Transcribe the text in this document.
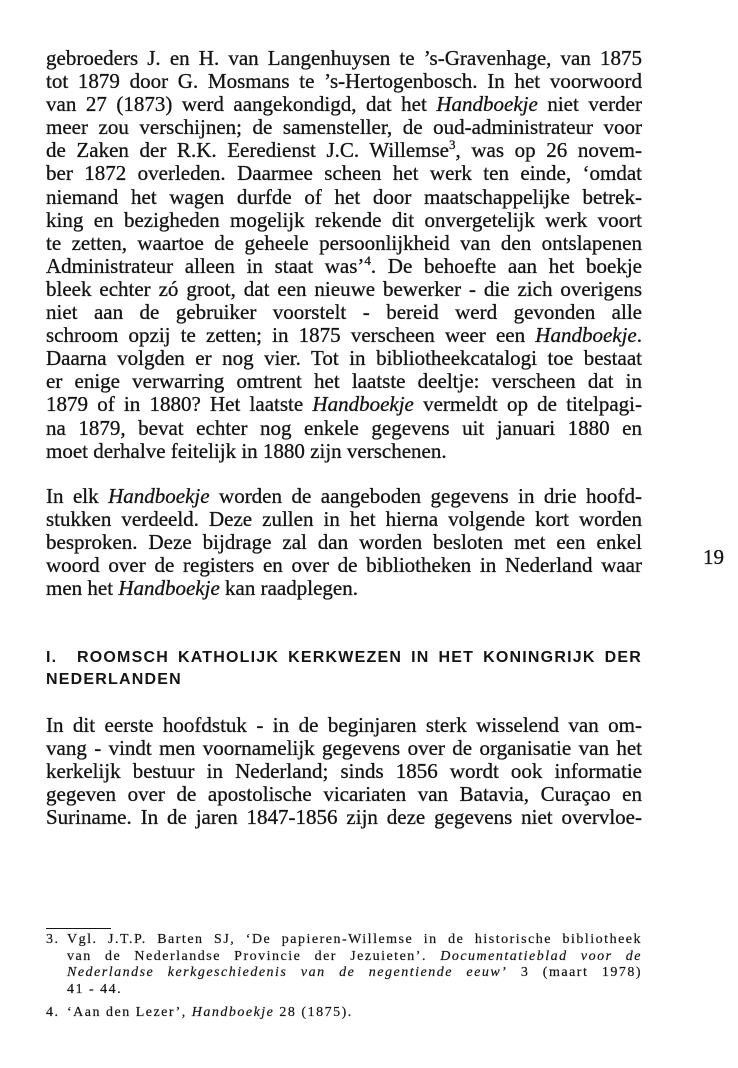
gebroeders J. en H. van Langenhuysen te ’s-Gravenhage, van 1875
tot 1879 door G. Mosmans te ’s-Hertogenbosch. In het voorwoord
van 27 (1873) werd aangekondigd, dat het Handboekje niet verder
meer zou verschijnen; de samensteller, de oud-administrateur voor
de Zaken der R.K. Eeredienst J.C. Willemse$^3$, was op 26 novem-
ber 1872 overleden. Daarmee scheen het werk ten einde, ‘omdat
niemand het wagen durfde of het door maatschappelijke betrek-
king en bezigheden mogelijk rekende dit onvergetelijk werk voort
te zetten, waartoe de geheele persoonlijkheid van den ontslapenen
Administrateur alleen in staat was’$^4$. De behoefte aan het boekje
bleek echter zó groot, dat een nieuwe bewerker - die zich overigens
niet aan de gebruiker voorstelt - bereid werd gevonden alle
schroom opzij te zetten; in 1875 verscheen weer een Handboekje.
Daarna volgden er nog vier. Tot in bibliotheekcatalogi toe bestaat
er enige verwarring omtrent het laatste deeltje: verscheen dat in
1879 of in 1880? Het laatste Handboekje vermeldt op de titelpagi-
na 1879, bevat echter nog enkele gegevens uit januari 1880 en
moet derhalve feitelijk in 1880 zijn verschenen.
In elk Handboekje worden de aangeboden gegevens in drie hoofd-
stukken verdeeld. Deze zullen in het hierna volgende kort worden
besproken. Deze bijdrage zal dan worden besloten met een enkel
woord over de registers en over de bibliotheken in Nederland waar
men het Handboekje kan raadplegen.
19
I. ROOMSCH KATHOLIJK KERKWEZEN IN HET KONINGRIJK DER
NEDERLANDEN
In dit eerste hoofdstuk - in de beginjaren sterk wisselend van om-
vang - vindt men voornamelijk gegevens over de organisatie van het
kerkelijk bestuur in Nederland; sinds 1856 wordt ook informatie
gegeven over de apostolische vicariaten van Batavia, Curaçao en
Suriname. In de jaren 1847-1856 zijn deze gegevens niet overvloe-
3. Vgl. J.T.P. Barten SJ, ‘De papieren-Willemse in de historische bibliotheek
van de Nederlandse Provincie der Jezuieten’. Documentatieblad voor de
Nederlandse kerkgeschiedenis van de negentiende eeuw’ 3 (maart 1978)
41 - 44.
4. ‘Aan den Lezer’, Handboekje 28 (1875).
